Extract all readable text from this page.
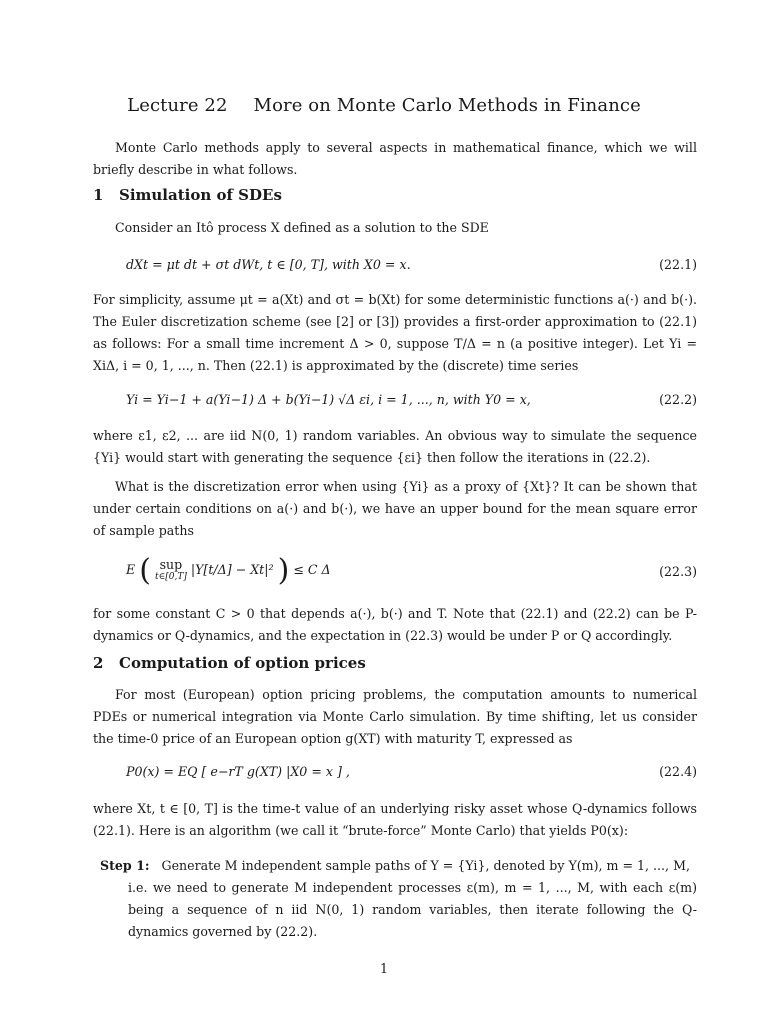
Lecture 22 More on Monte Carlo Methods in Finance
Monte Carlo methods apply to several aspects in mathematical finance, which we will briefly describe in what follows.
1 Simulation of SDEs
Consider an Itô process X defined as a solution to the SDE
dXt = μt dt + σt dWt, t ∈ [0, T], with X0 = x.	(22.1)
For simplicity, assume μt = a(Xt) and σt = b(Xt) for some deterministic functions a(·) and b(·). The Euler discretization scheme (see [2] or [3]) provides a first-order approximation to (22.1) as follows: For a small time increment Δ > 0, suppose T/Δ = n (a positive integer). Let Yi = XiΔ, i = 0, 1, ..., n. Then (22.1) is approximated by the (discrete) time series
Yi = Yi−1 + a(Yi−1) Δ + b(Yi−1) √Δ εi, i = 1, ..., n, with Y0 = x,	(22.2)
where ε1, ε2, ... are iid N(0, 1) random variables. An obvious way to simulate the sequence {Yi} would start with generating the sequence {εi} then follow the iterations in (22.2).
What is the discretization error when using {Yi} as a proxy of {Xt}? It can be shown that under certain conditions on a(·) and b(·), we have an upper bound for the mean square error of sample paths
E ( sup
t∈[0,T] |Y[t/Δ] − Xt|² ) ≤ C Δ	(22.3)
for some constant C > 0 that depends a(·), b(·) and T. Note that (22.1) and (22.2) can be P-dynamics or Q-dynamics, and the expectation in (22.3) would be under P or Q accordingly.
2 Computation of option prices
For most (European) option pricing problems, the computation amounts to numerical PDEs or numerical integration via Monte Carlo simulation. By time shifting, let us consider the time-0 price of an European option g(XT) with maturity T, expressed as
P0(x) = EQ [ e−rT g(XT) |X0 = x ] ,	(22.4)
where Xt, t ∈ [0, T] is the time-t value of an underlying risky asset whose Q-dynamics follows (22.1). Here is an algorithm (we call it “brute-force” Monte Carlo) that yields P0(x):
Step 1: Generate M independent sample paths of Y = {Yi}, denoted by Y(m), m = 1, ..., M,
i.e. we need to generate M independent processes ε(m), m = 1, ..., M, with each ε(m) being a sequence of n iid N(0, 1) random variables, then iterate following the Q-dynamics governed by (22.2).
1
